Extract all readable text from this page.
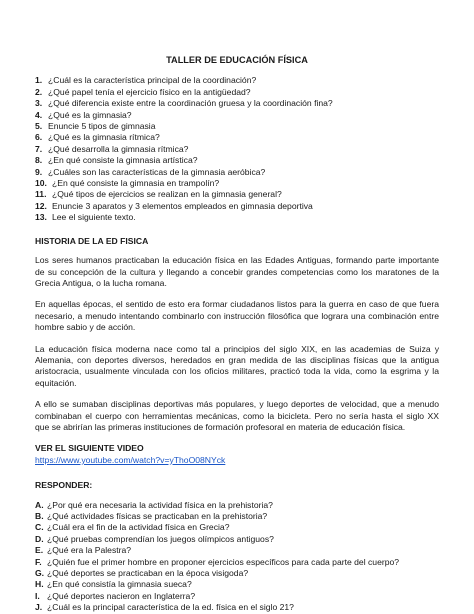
TALLER DE EDUCACIÓN FÍSICA
1. ¿Cuál es la característica principal de la coordinación?
2. ¿Qué papel tenía el ejercicio físico en la antigüedad?
3. ¿Qué diferencia existe entre la coordinación gruesa y la coordinación fina?
4. ¿Qué es la gimnasia?
5. Enuncie 5 tipos de gimnasia
6. ¿Qué es la gimnasia rítmica?
7. ¿Qué desarrolla la gimnasia rítmica?
8. ¿En qué consiste la gimnasia artística?
9. ¿Cuáles son las características de la gimnasia aeróbica?
10. ¿En qué consiste la gimnasia en trampolín?
11. ¿Qué tipos de ejercicios se realizan en la gimnasia general?
12. Enuncie 3 aparatos y 3 elementos empleados en gimnasia deportiva
13. Lee el siguiente texto.
HISTORIA DE LA ED FISICA

Los seres humanos practicaban la educación física en las Edades Antiguas, formando parte importante de su concepción de la cultura y llegando a concebir grandes competencias como los maratones de la Grecia Antigua, o la lucha romana.

En aquellas épocas, el sentido de esto era formar ciudadanos listos para la guerra en caso de que fuera necesario, a menudo intentando combinarlo con instrucción filosófica que lograra una combinación entre hombre sabio y de acción.

La educación física moderna nace como tal a principios del siglo XIX, en las academias de Suiza y Alemania, con deportes diversos, heredados en gran medida de las disciplinas físicas que la antigua aristocracia, usualmente vinculada con los oficios militares, practicó toda la vida, como la esgrima y la equitación.

A ello se sumaban disciplinas deportivas más populares, y luego deportes de velocidad, que a menudo combinaban el cuerpo con herramientas mecánicas, como la bicicleta. Pero no sería hasta el siglo XX que se abrirían las primeras instituciones de formación profesoral en materia de educación física.

VER EL SIGUIENTE VIDEO
https://www.youtube.com/watch?v=yThoO08NYck
RESPONDER:
A. ¿Por qué era necesaria la actividad física en la prehistoria?
B. ¿Qué actividades físicas se practicaban en la prehistoria?
C. ¿Cuál era el fin de la actividad física en Grecia?
D. ¿Qué pruebas comprendían los juegos olímpicos antiguos?
E. ¿Qué era la Palestra?
F. ¿Quién fue el primer hombre en proponer ejercicios específicos para cada parte del cuerpo?
G. ¿Qué deportes se practicaban en la época visigoda?
H. ¿En qué consistía la gimnasia sueca?
I. ¿Qué deportes nacieron en Inglaterra?
J. ¿Cuál es la principal característica de la ed. física en el siglo 21?
